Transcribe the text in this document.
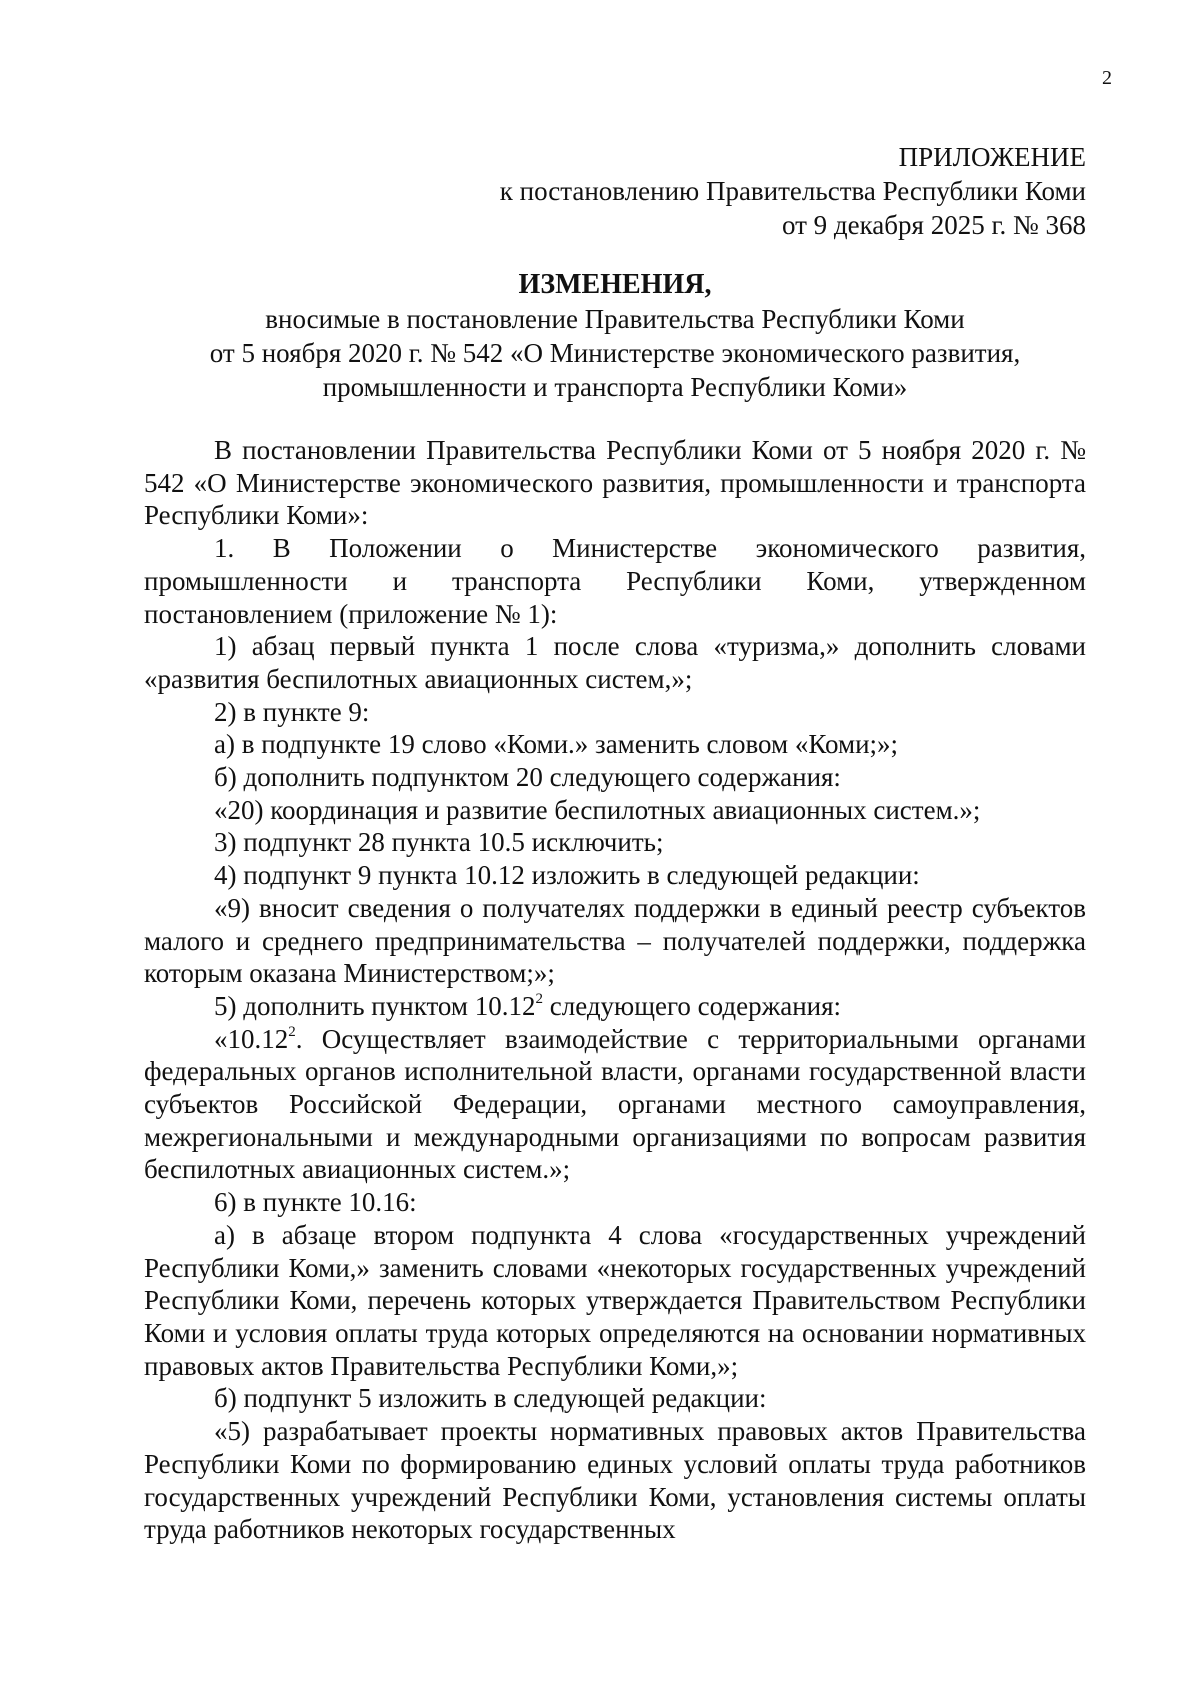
2
ПРИЛОЖЕНИЕ
к постановлению Правительства Республики Коми
от 9 декабря 2025 г. № 368
ИЗМЕНЕНИЯ,
вносимые в постановление Правительства Республики Коми
от 5 ноября 2020 г. № 542 «О Министерстве экономического развития,
промышленности и транспорта Республики Коми»

В постановлении Правительства Республики Коми от 5 ноября 2020 г. № 542 «О Министерстве экономического развития, промышленности и транспорта Республики Коми»:

1. В Положении о Министерстве экономического развития, промышленности и транспорта Республики Коми, утвержденном постановлением (приложение № 1):

1) абзац первый пункта 1 после слова «туризма,» дополнить словами «развития беспилотных авиационных систем,»;

2) в пункте 9:

а) в подпункте 19 слово «Коми.» заменить словом «Коми;»;

б) дополнить подпунктом 20 следующего содержания:

«20) координация и развитие беспилотных авиационных систем.»;

3) подпункт 28 пункта 10.5 исключить;

4) подпункт 9 пункта 10.12 изложить в следующей редакции:

«9) вносит сведения о получателях поддержки в единый реестр субъектов малого и среднего предпринимательства – получателей поддержки, поддержка которым оказана Министерством;»;

5) дополнить пунктом 10.12$^2$ следующего содержания:

«10.12$^2$. Осуществляет взаимодействие с территориальными органами федеральных органов исполнительной власти, органами государственной власти субъектов Российской Федерации, органами местного самоуправления, межрегиональными и международными организациями по вопросам развития беспилотных авиационных систем.»;

6) в пункте 10.16:

а) в абзаце втором подпункта 4 слова «государственных учреждений Республики Коми,» заменить словами «некоторых государственных учреждений Республики Коми, перечень которых утверждается Правительством Республики Коми и условия оплаты труда которых определяются на основании нормативных правовых актов Правительства Республики Коми,»;

б) подпункт 5 изложить в следующей редакции:

«5) разрабатывает проекты нормативных правовых актов Правительства Республики Коми по формированию единых условий оплаты труда работников государственных учреждений Республики Коми, установления системы оплаты труда работников некоторых государственных
